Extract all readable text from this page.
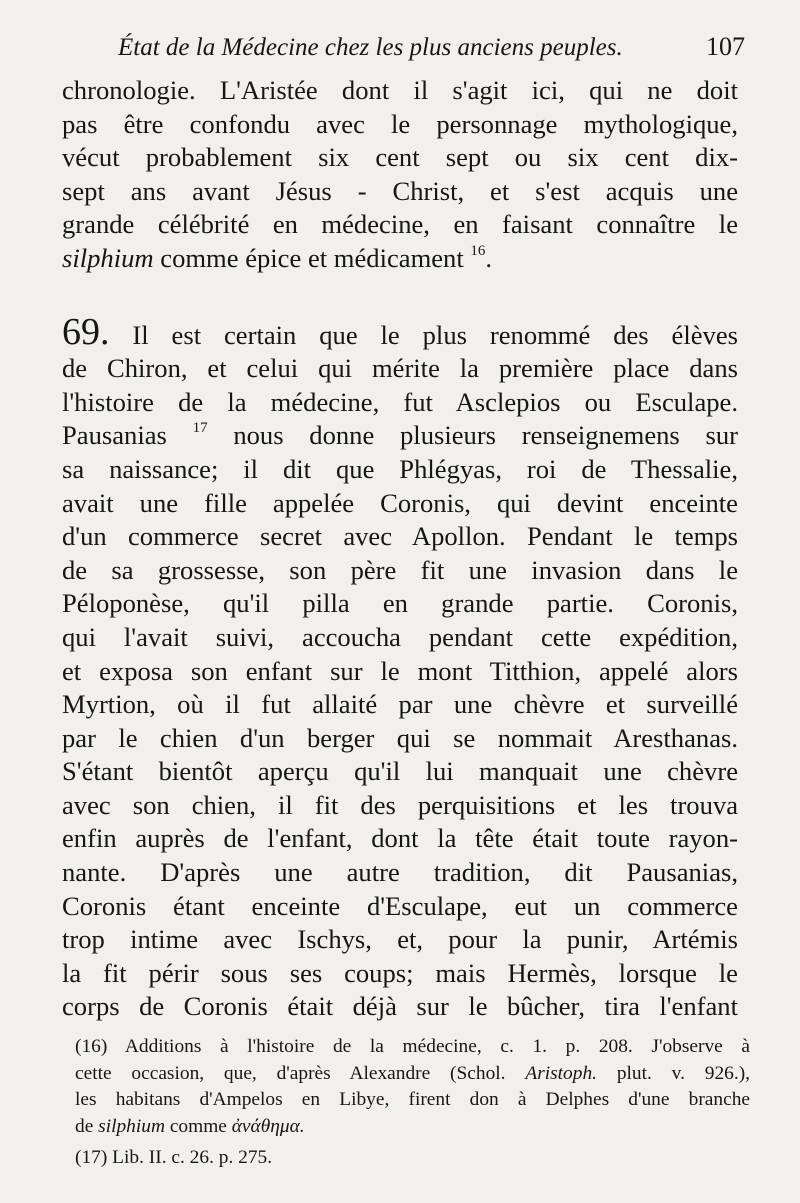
État de la Médecine chez les plus anciens peuples.	107
chronologie. L'Aristée dont il s'agit ici, qui ne doit
pas être confondu avec le personnage mythologique,
vécut probablement six cent sept ou six cent dix-
sept ans avant Jésus - Christ, et s'est acquis une
grande célébrité en médecine, en faisant connaître le
silphium comme épice et médicament $^{16}$.
69. Il est certain que le plus renommé des élèves
de Chiron, et celui qui mérite la première place dans
l'histoire de la médecine, fut Asclepios ou Esculape.
Pausanias $^{17}$ nous donne plusieurs renseignemens sur
sa naissance; il dit que Phlégyas, roi de Thessalie,
avait une fille appelée Coronis, qui devint enceinte
d'un commerce secret avec Apollon. Pendant le temps
de sa grossesse, son père fit une invasion dans le
Péloponèse, qu'il pilla en grande partie. Coronis,
qui l'avait suivi, accoucha pendant cette expédition,
et exposa son enfant sur le mont Titthion, appelé alors
Myrtion, où il fut allaité par une chèvre et surveillé
par le chien d'un berger qui se nommait Aresthanas.
S'étant bientôt aperçu qu'il lui manquait une chèvre
avec son chien, il fit des perquisitions et les trouva
enfin auprès de l'enfant, dont la tête était toute rayon-
nante. D'après une autre tradition, dit Pausanias,
Coronis étant enceinte d'Esculape, eut un commerce
trop intime avec Ischys, et, pour la punir, Artémis
la fit périr sous ses coups; mais Hermès, lorsque le
corps de Coronis était déjà sur le bûcher, tira l'enfant
(16) Additions à l'histoire de la médecine, c. 1. p. 208. J'observe à
cette occasion, que, d'après Alexandre (Schol. Aristoph. plut. v. 926.),
les habitans d'Ampelos en Libye, firent don à Delphes d'une branche
de silphium comme ἀνάθημα.
(17) Lib. II. c. 26. p. 275.
